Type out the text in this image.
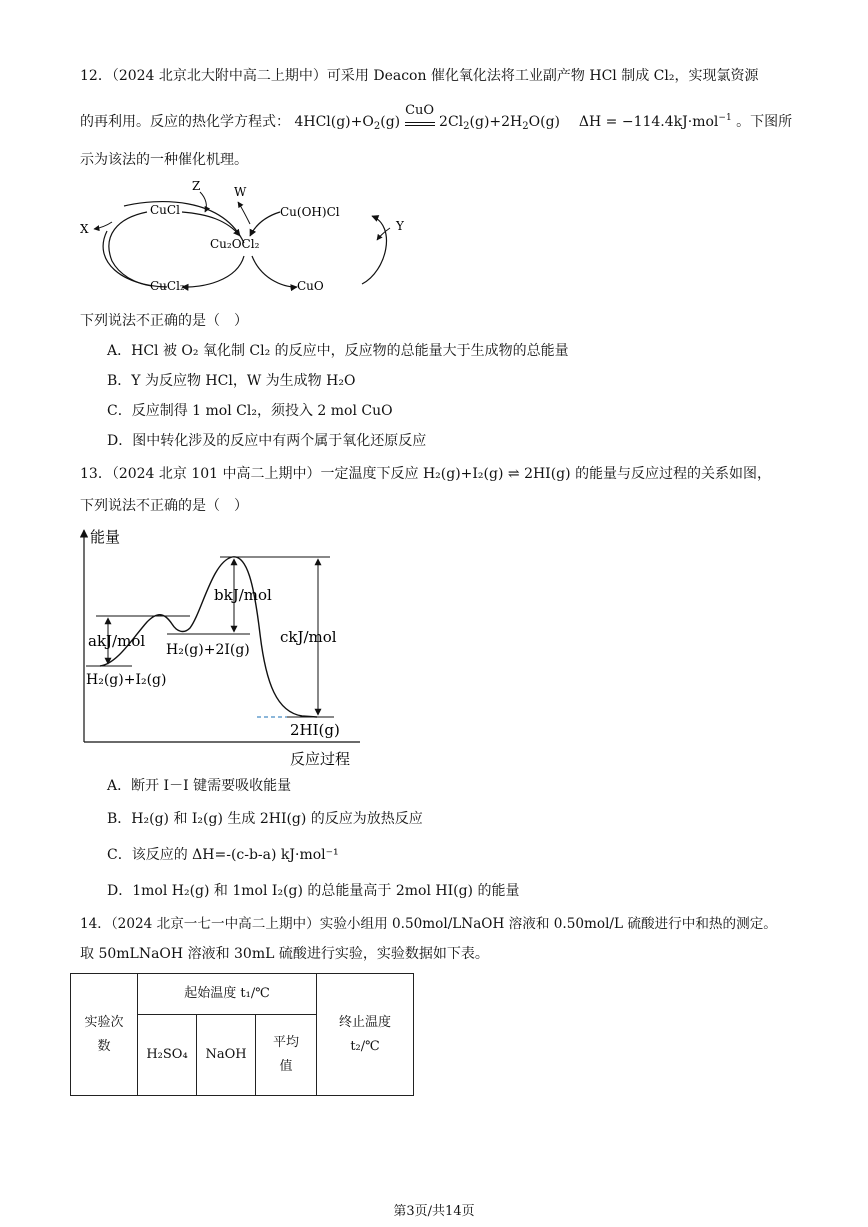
12．（2024 北京北大附中高二上期中）可采用 Deacon 催化氧化法将工业副产物 HCl 制成 Cl₂，实现氯资源
的再利用。反应的热化学方程式： $4HCl(g)+O_2(g)$
CuO
$2Cl_2(g)+2H_2O(g) \Delta H = -114.4kJ\cdot mol^{-1}$ 。下图所
示为该法的一种催化机理。
CuCl
Z	W
Cu(OH)Cl
X	Y
Cu₂OCl₂
CuCl₂	CuO
下列说法不正确的是（　）
A．HCl 被 O₂ 氧化制 Cl₂ 的反应中，反应物的总能量大于生成物的总能量
B．Y 为反应物 HCl，W 为生成物 H₂O
C．反应制得 1 mol Cl₂，须投入 2 mol CuO
D．图中转化涉及的反应中有两个属于氧化还原反应
13．（2024 北京 101 中高二上期中）一定温度下反应 H₂(g)+I₂(g) ⇌ 2HI(g) 的能量与反应过程的关系如图，
下列说法不正确的是（　）
能量
反应过程
akJ/mol
bkJ/mol
ckJ/mol
H₂(g)+2I(g)
H₂(g)+I₂(g)
2HI(g)
A．断开 I－I 键需要吸收能量
B．H₂(g) 和 I₂(g) 生成 2HI(g) 的反应为放热反应
C．该反应的 ΔH=-(c-b-a) kJ·mol⁻¹
D．1mol H₂(g) 和 1mol I₂(g) 的总能量高于 2mol HI(g) 的能量
14．（2024 北京一七一中高二上期中）实验小组用 0.50mol/LNaOH 溶液和 0.50mol/L 硫酸进行中和热的测定。
取 50mLNaOH 溶液和 30mL 硫酸进行实验，实验数据如下表。
实验次数	起始温度 t₁/℃			终止温度 t₂/℃

	H₂SO₄	NaOH	平均值	
第3页/共14页
